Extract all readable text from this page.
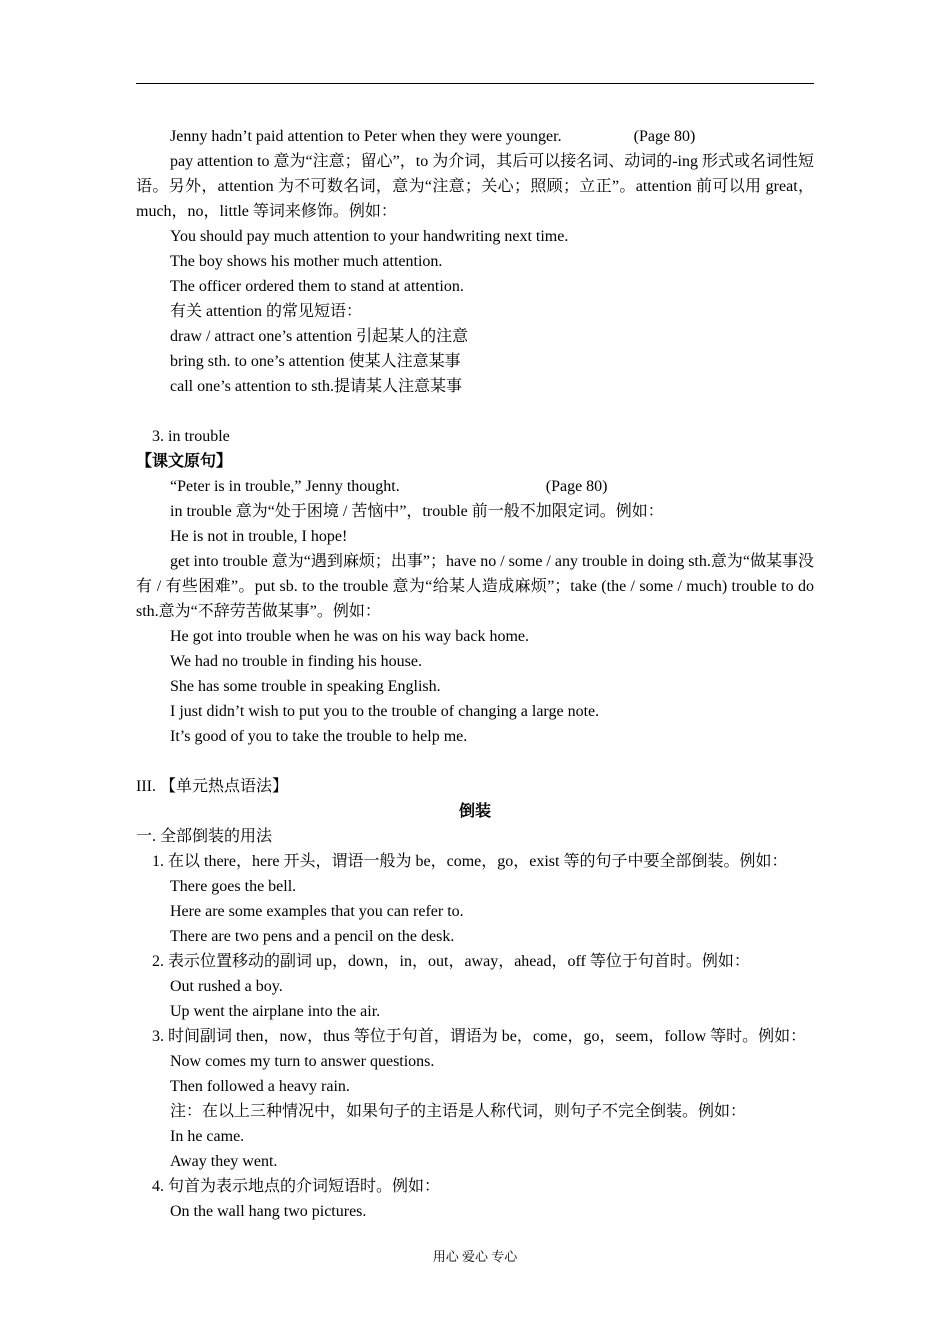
Jenny hadn’t paid attention to Peter when they were younger.	(Page 80)
pay attention to 意为“注意；留心”，to 为介词，其后可以接名词、动词的-ing 形式或名词性短语。另外，attention 为不可数名词，意为“注意；关心；照顾；立正”。attention 前可以用 great，much，no，little 等词来修饰。例如：
You should pay much attention to your handwriting next time.
The boy shows his mother much attention.
The officer ordered them to stand at attention.
有关 attention 的常见短语：
draw / attract one’s attention 引起某人的注意
bring sth. to one’s attention 使某人注意某事
call one’s attention to sth.提请某人注意某事
3. in trouble
【课文原句】
“Peter is in trouble,” Jenny thought.	(Page 80)
in trouble 意为“处于困境 / 苦恼中”，trouble 前一般不加限定词。例如：
He is not in trouble, I hope!
get into trouble 意为“遇到麻烦；出事”；have no / some / any trouble in doing sth.意为“做某事没有 / 有些困难”。put sb. to the trouble 意为“给某人造成麻烦”；take (the / some / much) trouble to do sth.意为“不辞劳苦做某事”。例如：
He got into trouble when he was on his way back home.
We had no trouble in finding his house.
She has some trouble in speaking English.
I just didn’t wish to put you to the trouble of changing a large note.
It’s good of you to take the trouble to help me.
III. 【单元热点语法】
倒装
一. 全部倒装的用法
1. 在以 there，here 开头，谓语一般为 be，come，go，exist 等的句子中要全部倒装。例如：
There goes the bell.
Here are some examples that you can refer to.
There are two pens and a pencil on the desk.
2. 表示位置移动的副词 up，down，in，out，away，ahead，off 等位于句首时。例如：
Out rushed a boy.
Up went the airplane into the air.
3. 时间副词 then，now，thus 等位于句首，谓语为 be，come，go，seem，follow 等时。例如：
Now comes my turn to answer questions.
Then followed a heavy rain.
注：在以上三种情况中，如果句子的主语是人称代词，则句子不完全倒装。例如：
In he came.
Away they went.
4. 句首为表示地点的介词短语时。例如：
On the wall hang two pictures.
用心 爱心 专心
